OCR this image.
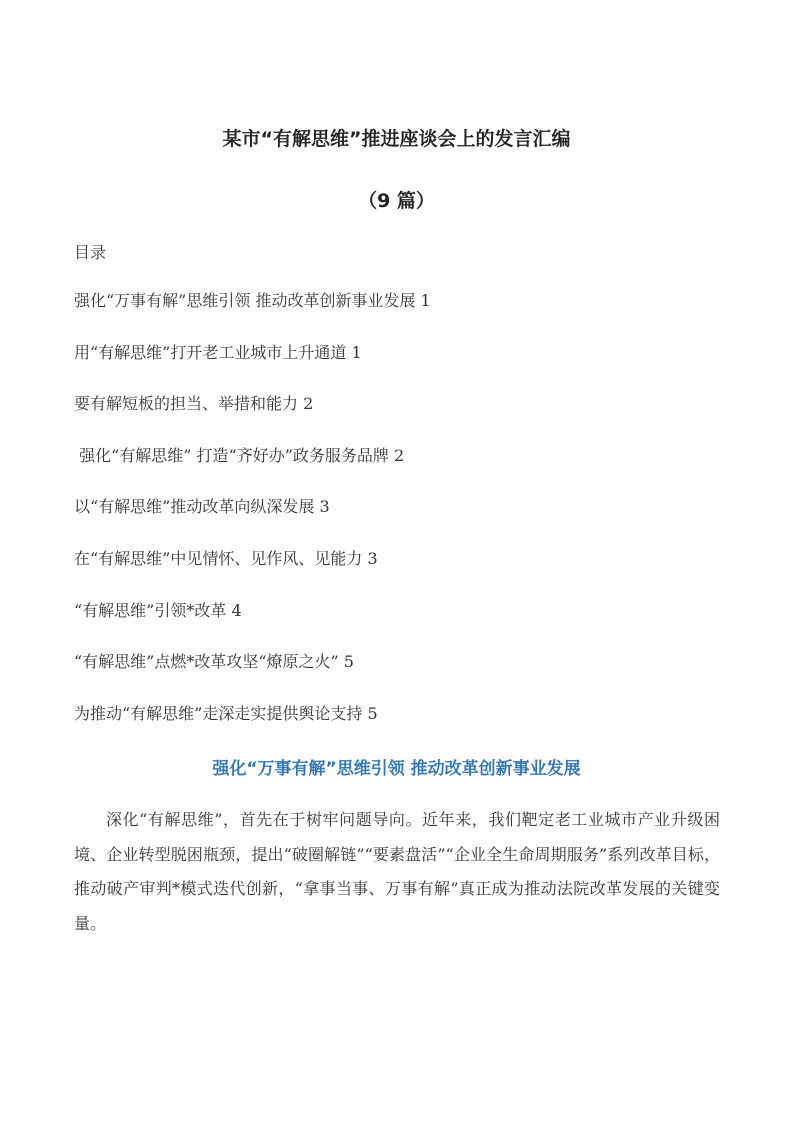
某市“有解思维”推进座谈会上的发言汇编
（9 篇）

目录

强化“万事有解”思维引领 推动改革创新事业发展 1
用“有解思维”打开老工业城市上升通道 1
要有解短板的担当、举措和能力 2
强化“有解思维” 打造“齐好办”政务服务品牌 2
以“有解思维”推动改革向纵深发展 3
在“有解思维”中见情怀、见作风、见能力 3
“有解思维”引领*改革 4
“有解思维”点燃*改革攻坚“燎原之火” 5
为推动“有解思维”走深走实提供舆论支持 5
强化“万事有解”思维引领 推动改革创新事业发展

深化“有解思维”，首先在于树牢问题导向。近年来，我们靶定老工业城市产业升级困境、企业转型脱困瓶颈，提出“破圈解链”“要素盘活”“企业全生命周期服务”系列改革目标，推动破产审判*模式迭代创新，“拿事当事、万事有解”真正成为推动法院改革发展的关键变量。
